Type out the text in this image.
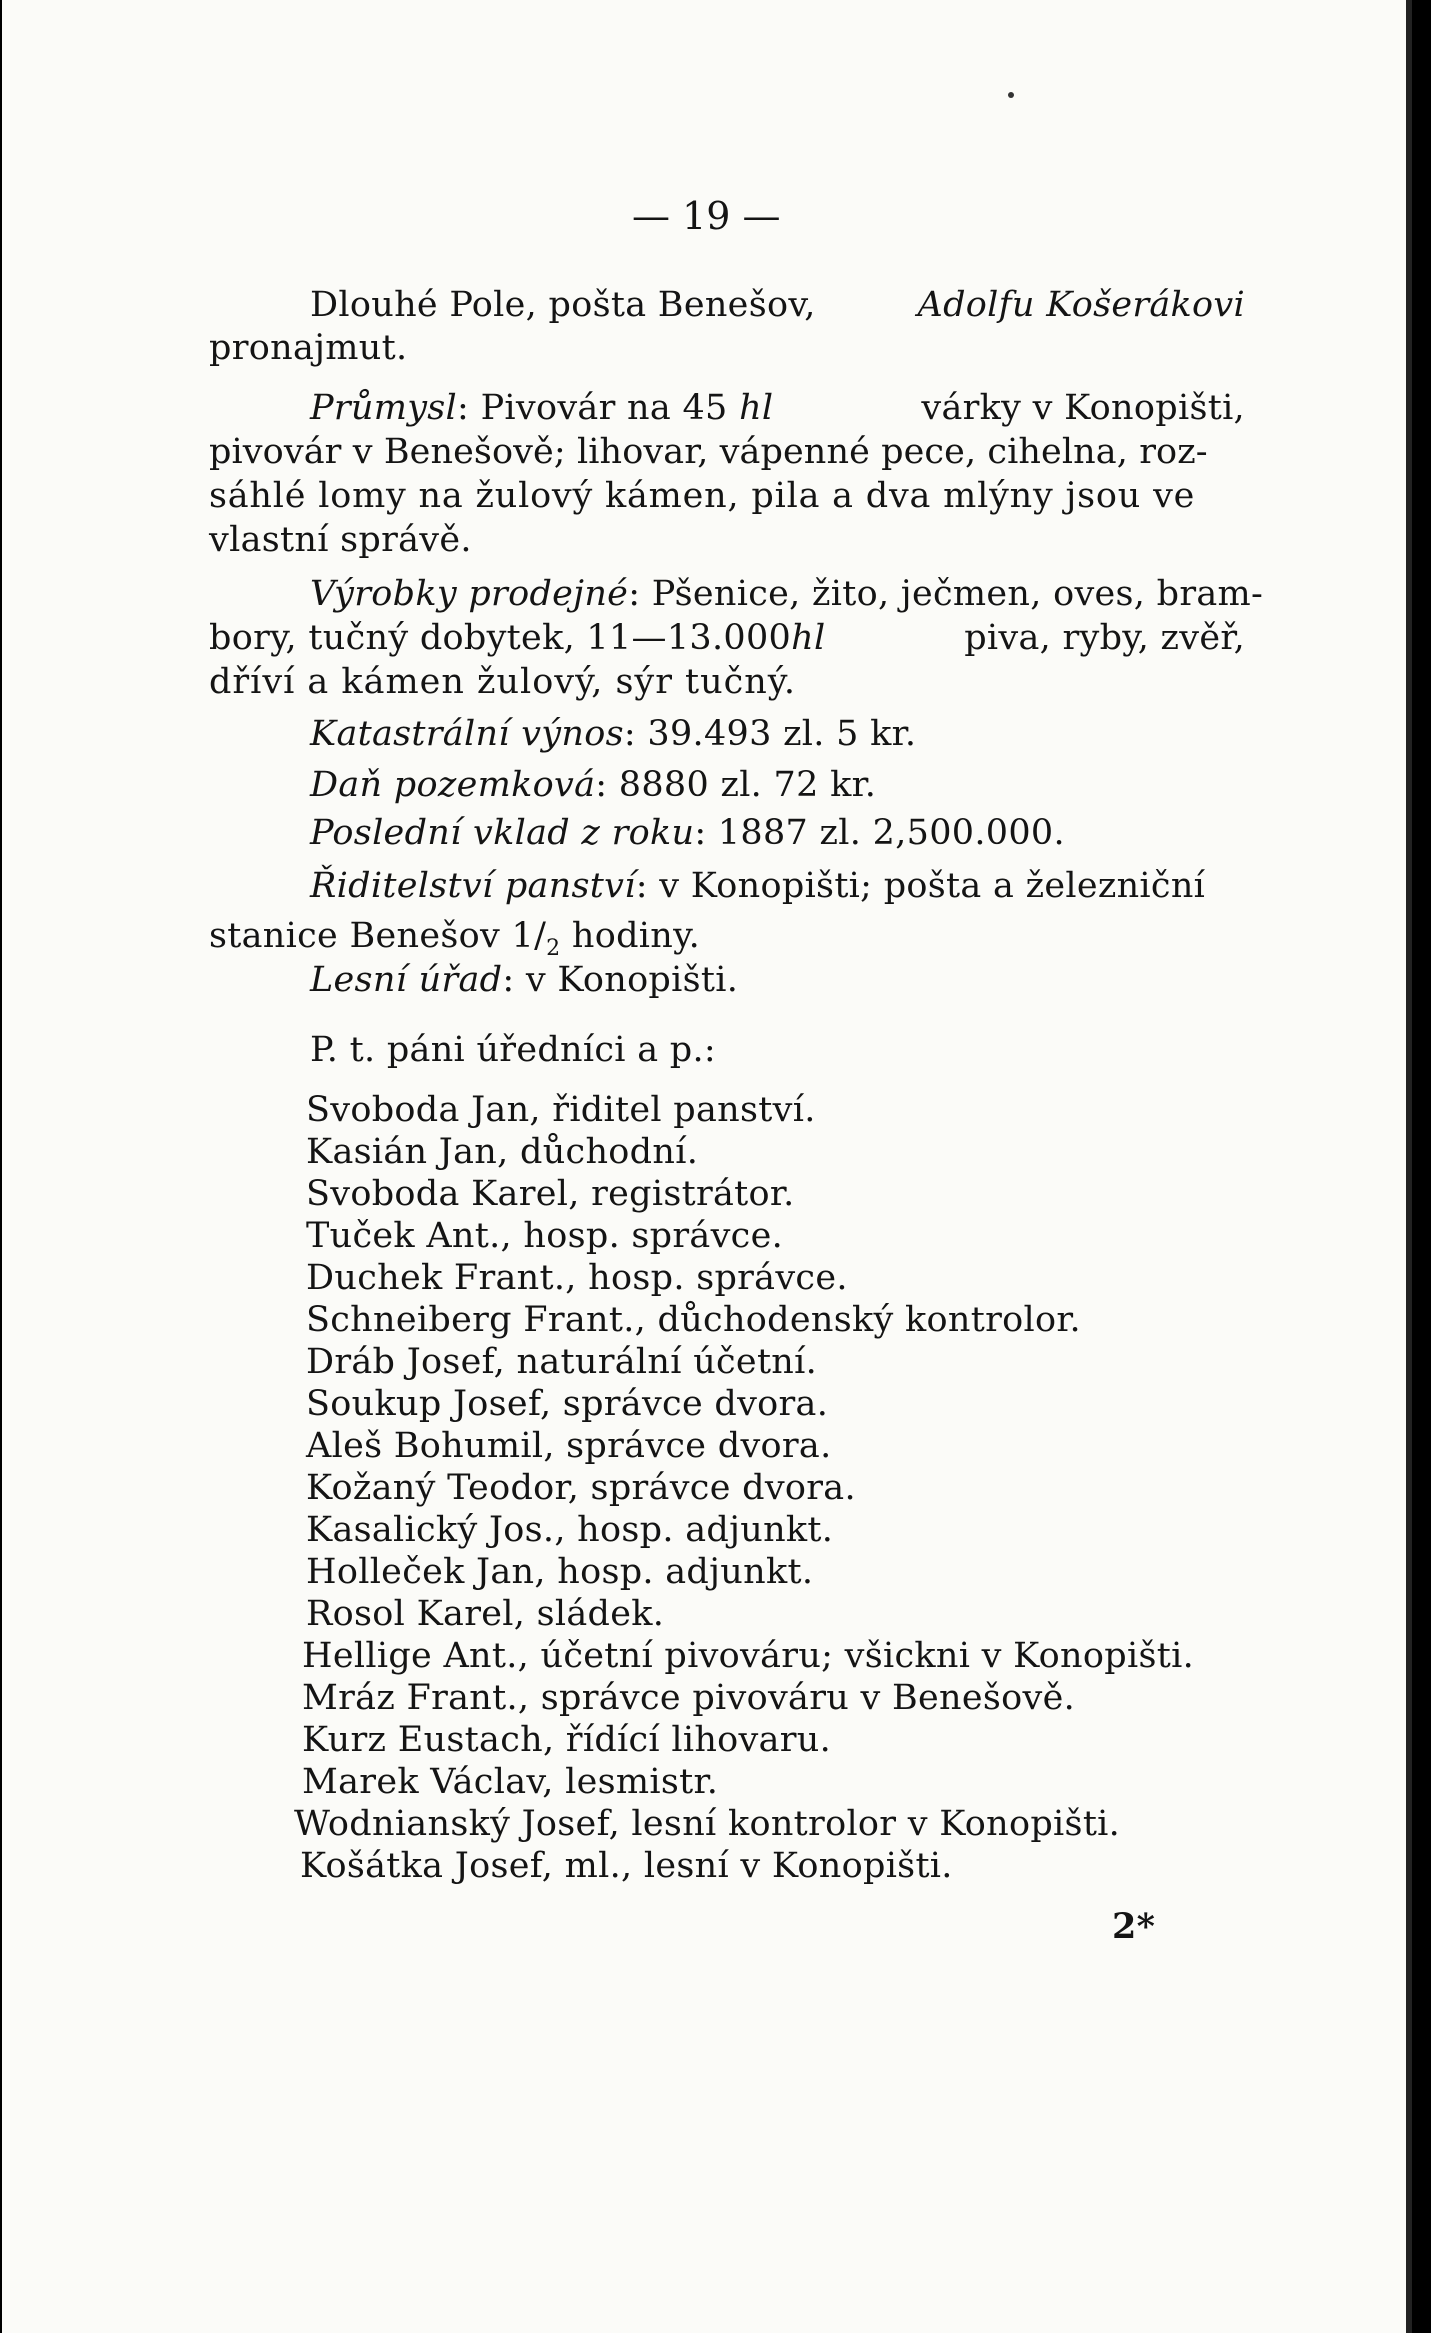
— 19 —
Dlouhé Pole, pošta Benešov,	Adolfu Košerákovi
pronajmut.
Průmysl: Pivovár na 45 hl	várky v Konopišti,
pivovár v Benešově; lihovar, vápenné pece, cihelna, roz-
sáhlé lomy na žulový kámen, pila a dva mlýny jsou ve
vlastní správě.
Výrobky prodejné: Pšenice, žito, ječmen, oves, bram-
bory, tučný dobytek, 11—13.000hl	piva, ryby, zvěř,
dříví a kámen žulový, sýr tučný.
Katastrální výnos: 39.493 zl. 5 kr.
Daň pozemková: 8880 zl. 72 kr.
Poslední vklad z roku: 1887 zl. 2,500.000.
Řiditelství panství: v Konopišti; pošta a železniční
stanice Benešov $1/_2$ hodiny.
Lesní úřad: v Konopišti.
P. t. páni úředníci a p.:
Svoboda Jan, řiditel panství.
Kasián Jan, důchodní.
Svoboda Karel, registrátor.
Tuček Ant., hosp. správce.
Duchek Frant., hosp. správce.
Schneiberg Frant., důchodenský kontrolor.
Dráb Josef, naturální účetní.
Soukup Josef, správce dvora.
Aleš Bohumil, správce dvora.
Kožaný Teodor, správce dvora.
Kasalický Jos., hosp. adjunkt.
Holleček Jan, hosp. adjunkt.
Rosol Karel, sládek.
Hellige Ant., účetní pivováru; všickni v Konopišti.
Mráz Frant., správce pivováru v Benešově.
Kurz Eustach, řídící lihovaru.
Marek Václav, lesmistr.
Wodnianský Josef, lesní kontrolor v Konopišti.
Košátka Josef, ml., lesní v Konopišti.
2*
